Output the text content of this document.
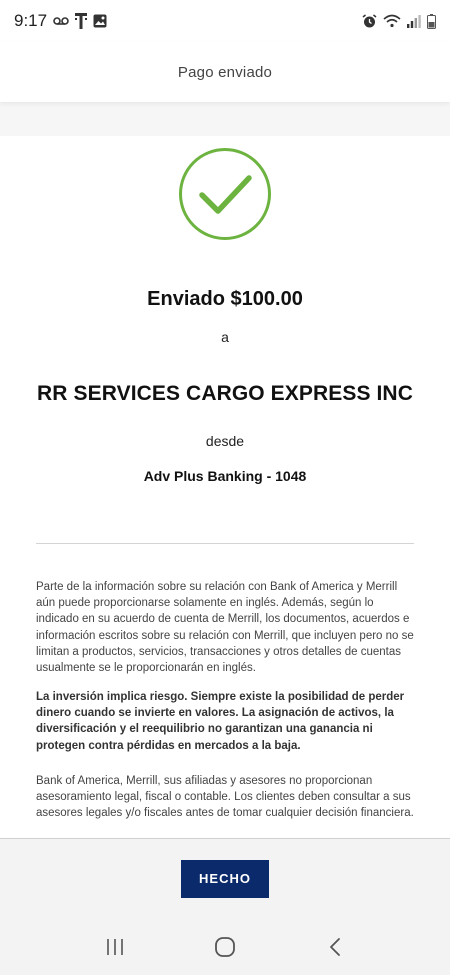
9:17
Pago enviado
Enviado $100.00
a
RR SERVICES CARGO EXPRESS INC
desde
Adv Plus Banking - 1048

Parte de la información sobre su relación con Bank of America y Merrill aún puede proporcionarse solamente en inglés. Además, según lo indicado en su acuerdo de cuenta de Merrill, los documentos, acuerdos e información escritos sobre su relación con Merrill, que incluyen pero no se limitan a productos, servicios, transacciones y otros detalles de cuentas usualmente se le proporcionarán en inglés.

La inversión implica riesgo. Siempre existe la posibilidad de perder dinero cuando se invierte en valores. La asignación de activos, la diversificación y el reequilibrio no garantizan una ganancia ni protegen contra pérdidas en mercados a la baja.

Bank of America, Merrill, sus afiliadas y asesores no proporcionan asesoramiento legal, fiscal o contable. Los clientes deben consultar a sus asesores legales y/o fiscales antes de tomar cualquier decisión financiera.

HECHO
